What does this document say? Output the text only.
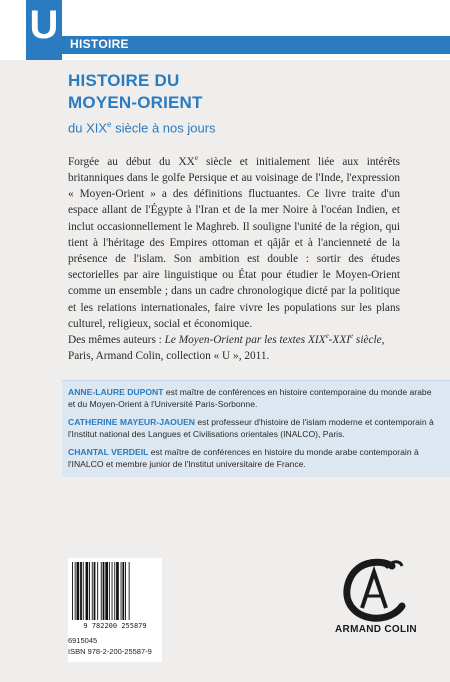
U HISTOIRE
HISTOIRE DU
MOYEN-ORIENT
du XIXe siècle à nos jours

Forgée au début du XXe siècle et initialement liée aux intérêts britanniques dans le golfe Persique et au voisinage de l'Inde, l'expression « Moyen-Orient » a des définitions fluctuantes. Ce livre traite d'un espace allant de l'Égypte à l'Iran et de la mer Noire à l'océan Indien, et inclut occasionnellement le Maghreb. Il souligne l'unité de la région, qui tient à l'héritage des Empires ottoman et qâjâr et à l'ancienneté de la présence de l'islam. Son ambition est double : sortir des études sectorielles par aire linguistique ou État pour étudier le Moyen-Orient comme un ensemble ; dans un cadre chronologique dicté par la politique et les relations internationales, faire vivre les populations sur les plans culturel, religieux, social et économique.

Des mêmes auteurs : Le Moyen-Orient par les textes XIXe-XXIe siècle, Paris, Armand Colin, collection « U », 2011.

ANNE-LAURE DUPONT est maître de conférences en histoire contemporaine du monde arabe et du Moyen-Orient à l'Université Paris-Sorbonne.

CATHERINE MAYEUR-JAOUEN est professeur d'histoire de l'islam moderne et contemporain à l'Institut national des Langues et Civilisations orientales (INALCO), Paris.

CHANTAL VERDEIL est maître de conférences en histoire du monde arabe contemporain à l'INALCO et membre junior de l'Institut universitaire de France.

9 782200 255879
6915045
ISBN 978-2-200-25587-9
ARMAND COLIN
